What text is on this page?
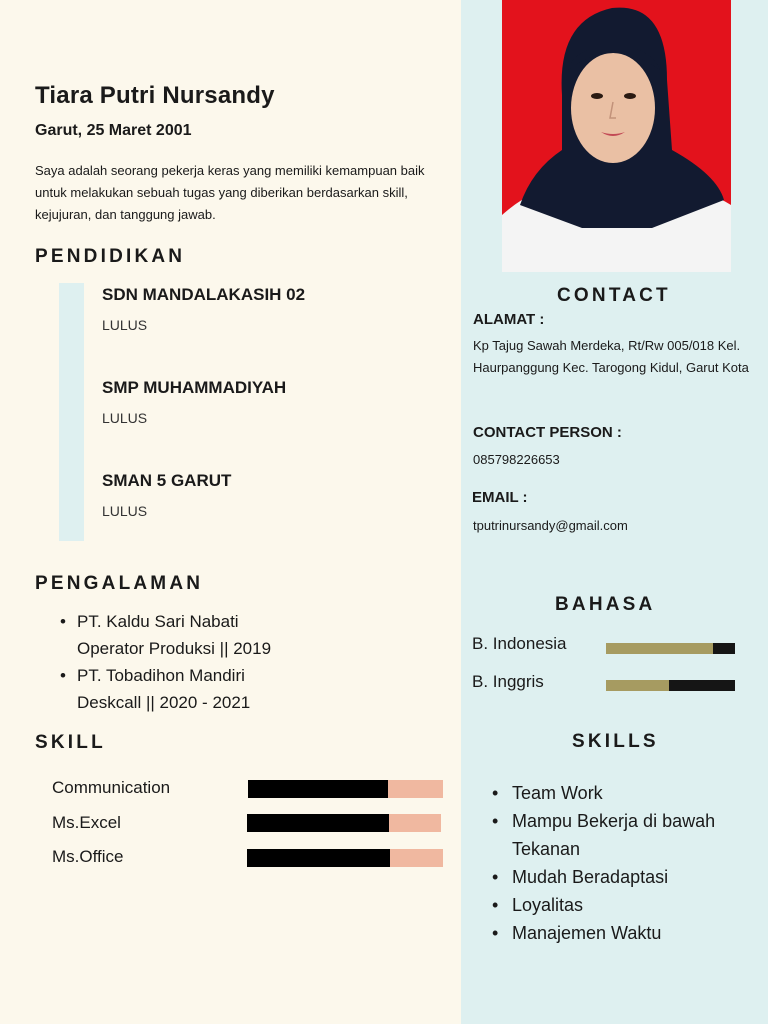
Tiara Putri Nursandy
Garut, 25 Maret 2001
Saya adalah seorang pekerja keras yang memiliki kemampuan baik untuk melakukan sebuah tugas yang diberikan berdasarkan skill, kejujuran, dan tanggung jawab.
PENDIDIKAN
SDN MANDALAKASIH 02
LULUS
SMP MUHAMMADIYAH
LULUS
SMAN 5 GARUT
LULUS
PENGALAMAN
• PT. Kaldu Sari Nabati
Operator Produksi || 2019
• PT. Tobadihon Mandiri
Deskcall || 2020 - 2021
SKILL
Communication
Ms.Excel
Ms.Office
CONTACT
ALAMAT :
Kp Tajug Sawah Merdeka, Rt/Rw 005/018 Kel. Haurpanggung Kec. Tarogong Kidul, Garut Kota
CONTACT PERSON :
085798226653
EMAIL :
tputrinursandy@gmail.com
BAHASA
B. Indonesia
B. Inggris
SKILLS
• Team Work
• Mampu Bekerja di bawah Tekanan
• Mudah Beradaptasi
• Loyalitas
• Manajemen Waktu
